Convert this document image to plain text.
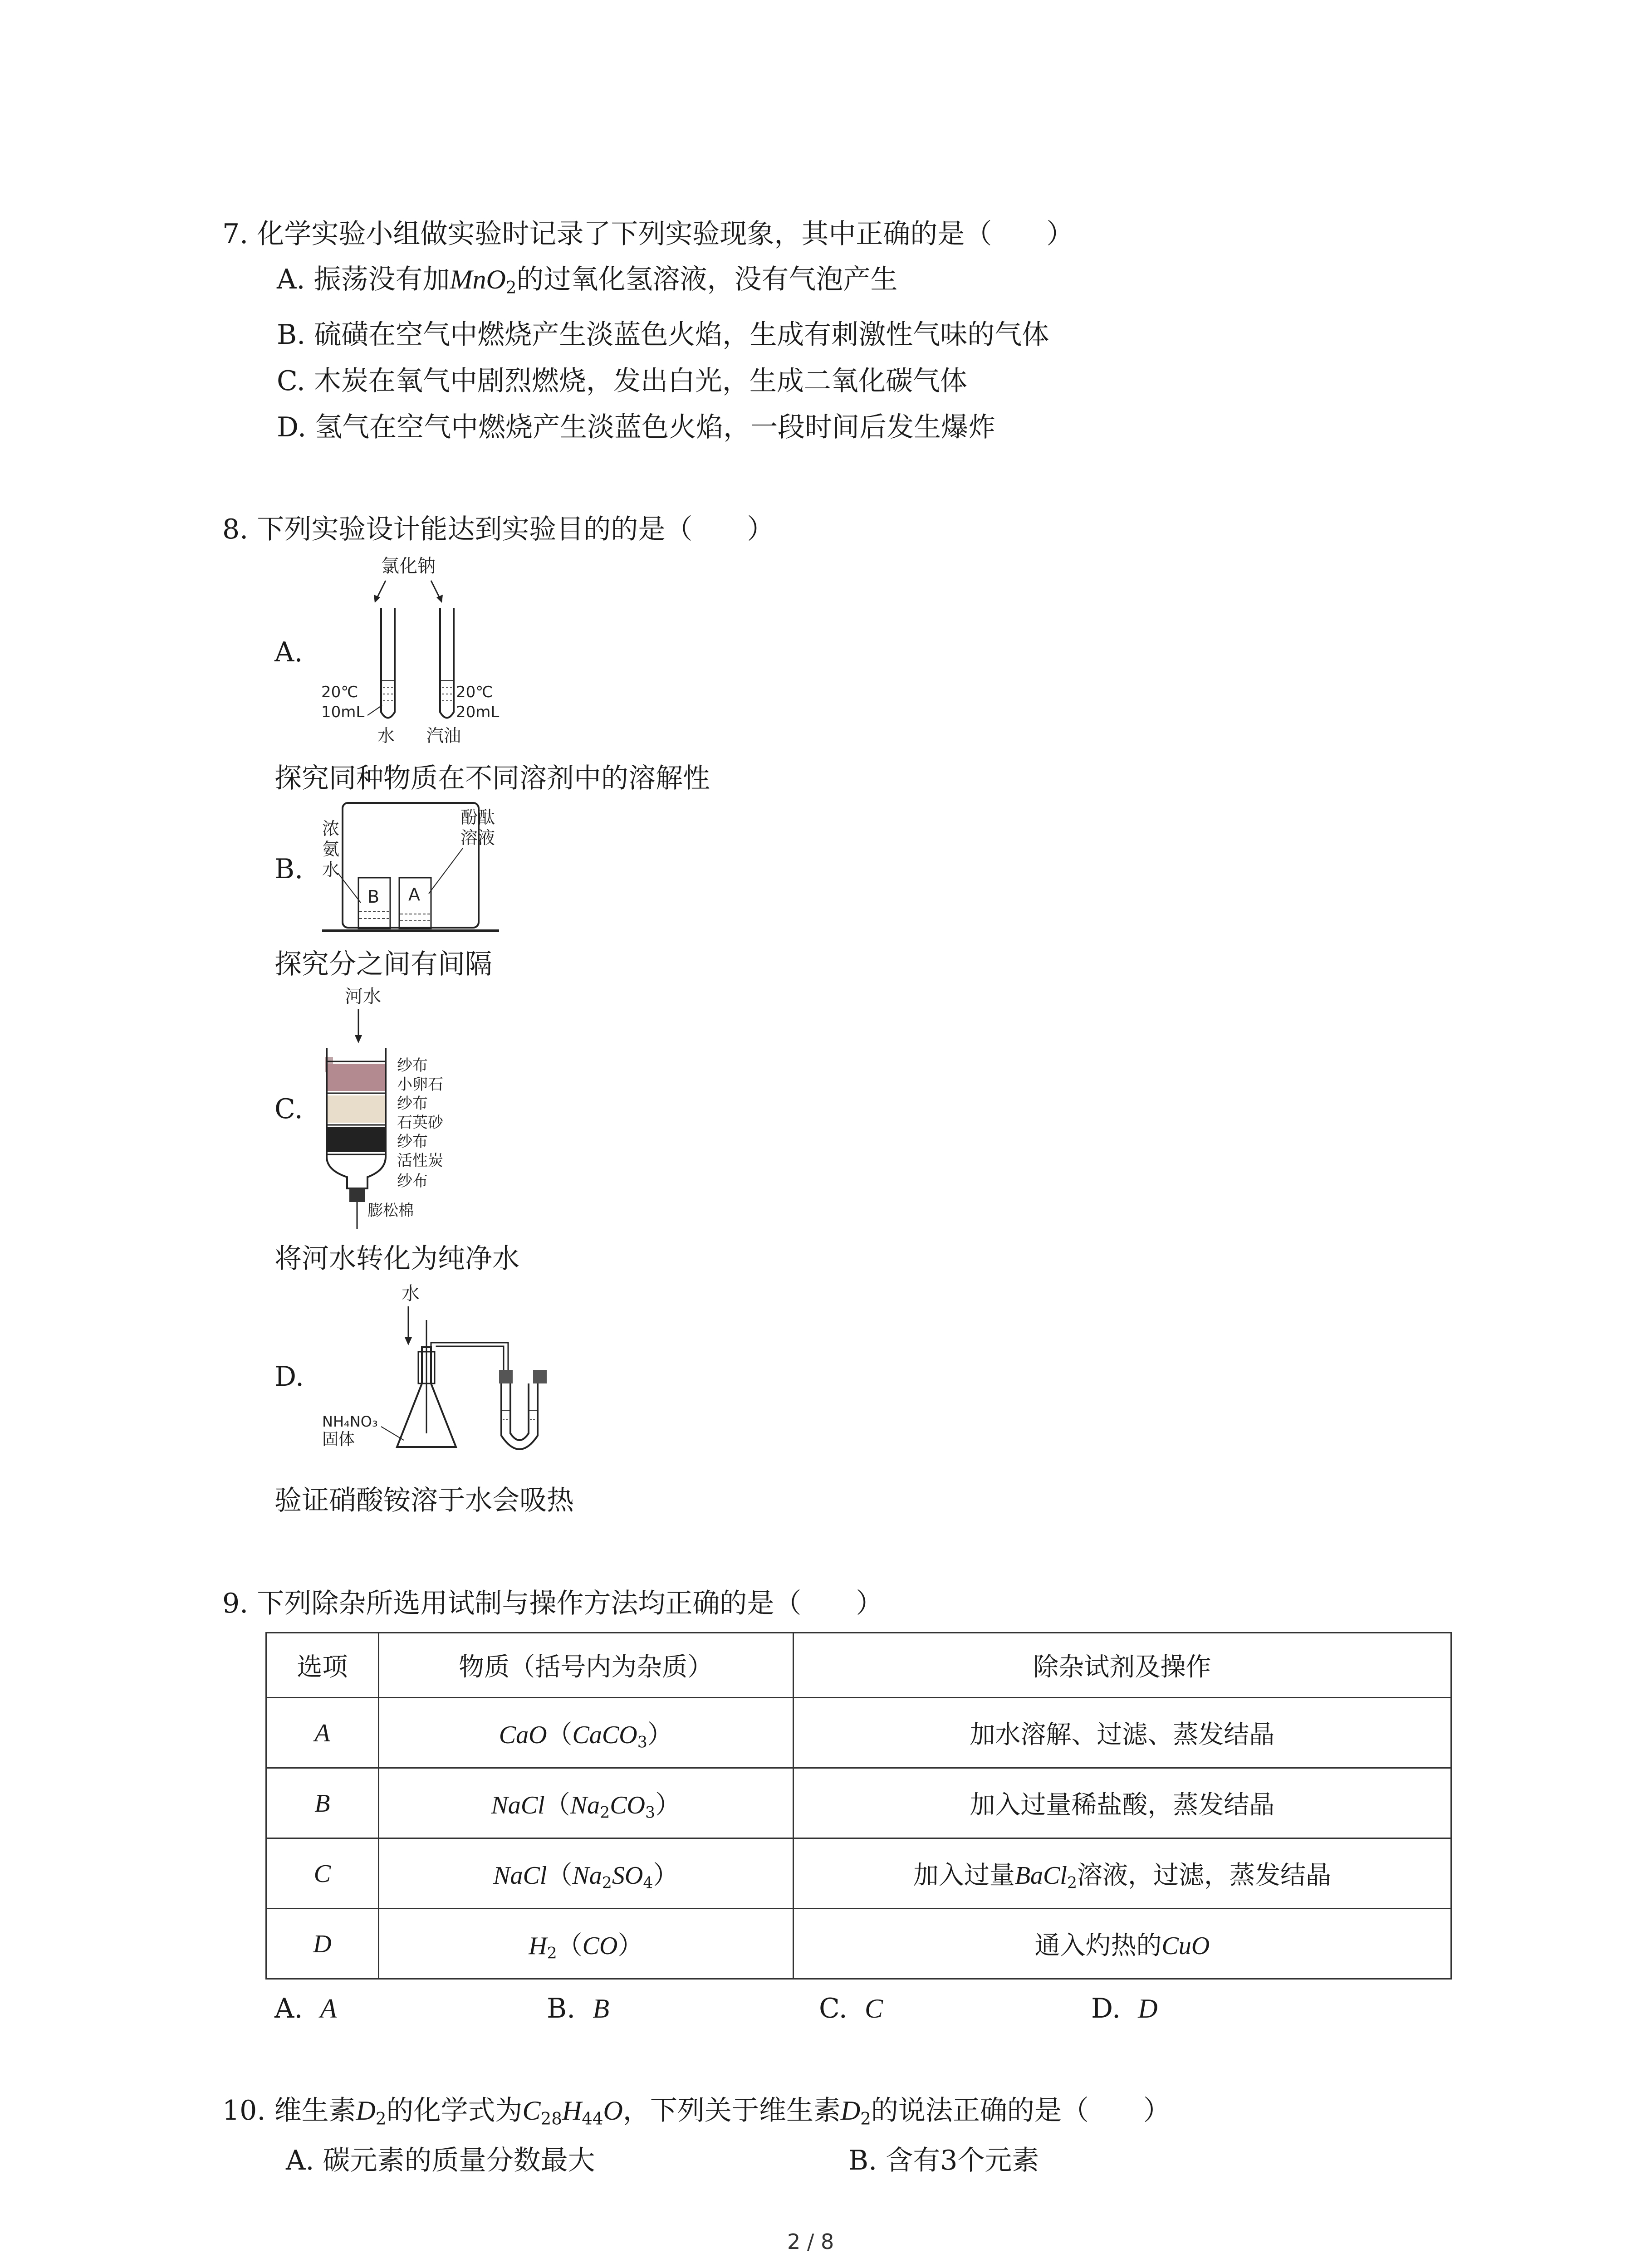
7. 化学实验小组做实验时记录了下列实验现象，其中正确的是（　　）
A. 振荡没有加MnO$_2$的过氧化氢溶液，没有气泡产生
B. 硫磺在空气中燃烧产生淡蓝色火焰，生成有刺激性气味的气体
C. 木炭在氧气中剧烈燃烧，发出白光，生成二氧化碳气体
D. 氢气在空气中燃烧产生淡蓝色火焰，一段时间后发生爆炸
8. 下列实验设计能达到实验目的的是（　　）
A.
氯化钠
20℃
10mL
水
20℃
20mL
汽油
探究同种物质在不同溶剂中的溶解性
B.
B A
浓
氨
水
酚酞
溶液
探究分之间有间隔
C.
河水
纱布
小卵石
纱布
石英砂
纱布
活性炭
纱布
膨松棉
将河水转化为纯净水
D.
水
NH₄NO₃
固体
验证硝酸铵溶于水会吸热
9. 下列除杂所选用试制与操作方法均正确的是（　　）
选项	物质（括号内为杂质）	除杂试剂及操作
A	CaO（CaCO$_3$）	加水溶解、过滤、蒸发结晶
B	$NaCl(Na_2CO_3)$	加入过量稀盐酸，蒸发结晶
C	$NaCl(Na_2SO_4)$	加入过量BaCl$_2$溶液，过滤，蒸发结晶
D	$H_2(CO)$	通入灼热的CuO
A. A	B. B	C. C	D. D
10. 维生素$D_2$的化学式为$C_{28}H_{44}O$，下列关于维生素$D_2$的说法正确的是（　　）
A. 碳元素的质量分数最大	B. 含有3个元素
2 / 8
